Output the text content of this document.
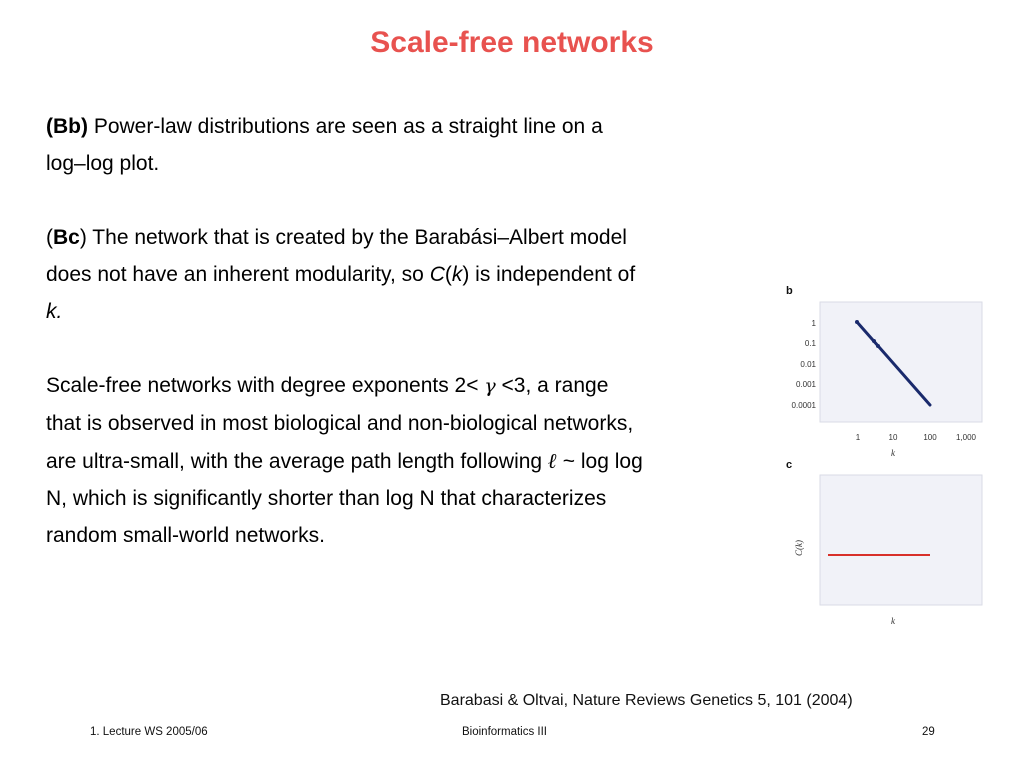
Scale-free networks

(Bb) Power-law distributions are seen as a straight line on a log–log plot.

(Bc) The network that is created by the Barabási–Albert model does not have an inherent modularity, so C(k) is independent of k.

Scale-free networks with degree exponents 2< γ <3, a range that is observed in most biological and non-biological networks, are ultra-small, with the average path length following ℓ ~ log log N, which is significantly shorter than log N that characterizes random small-world networks.

b
1
0.1
0.01
0.001
0.0001
1	10	100 1,000
k
c
C(k)
k
Barabasi & Oltvai, Nature Reviews Genetics 5, 101 (2004)
1. Lecture WS 2005/06	Bioinformatics III	29
